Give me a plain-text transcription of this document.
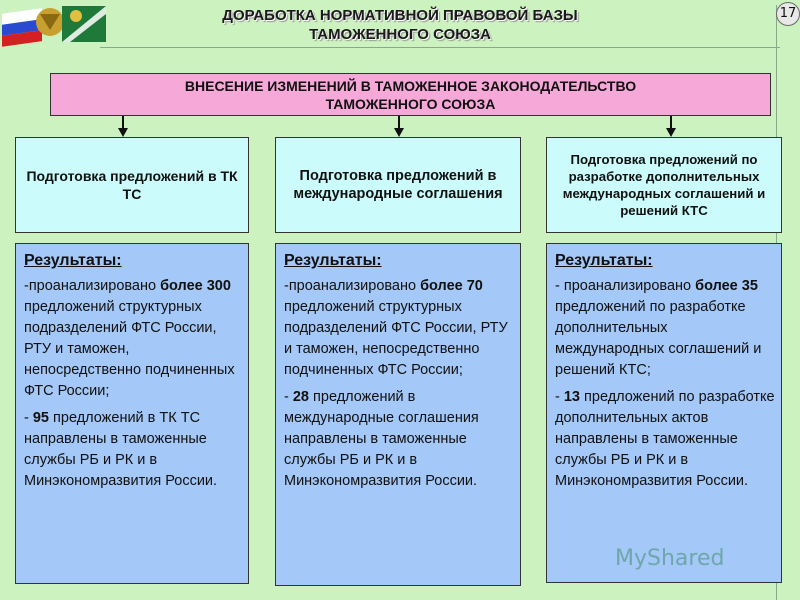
ДОРАБОТКА НОРМАТИВНОЙ ПРАВОВОЙ БАЗЫ
ТАМОЖЕННОГО СОЮЗА
17
ВНЕСЕНИЕ ИЗМЕНЕНИЙ В ТАМОЖЕННОЕ ЗАКОНОДАТЕЛЬСТВО
ТАМОЖЕННОГО СОЮЗА
Подготовка предложений в ТК ТС
Подготовка предложений в международные соглашения
Подготовка предложений по разработке дополнительных международных соглашений и решений КТС
Результаты:

-проанализировано более 300 предложений структурных подразделений ФТС России, РТУ и таможен, непосредственно подчиненных ФТС России;

- 95 предложений в ТК ТС направлены в таможенные службы РБ и РК и в Минэкономразвития России.

Результаты:

-проанализировано более 70 предложений структурных подразделений ФТС России, РТУ и таможен, непосредственно подчиненных ФТС России;

- 28 предложений в международные соглашения направлены в таможенные службы РБ и РК и в Минэкономразвития России.

Результаты:

- проанализировано более 35 предложений по разработке дополнительных международных соглашений и решений КТС;

- 13 предложений по разработке дополнительных актов направлены в таможенные службы РБ и РК и в Минэкономразвития России.

MyShared
